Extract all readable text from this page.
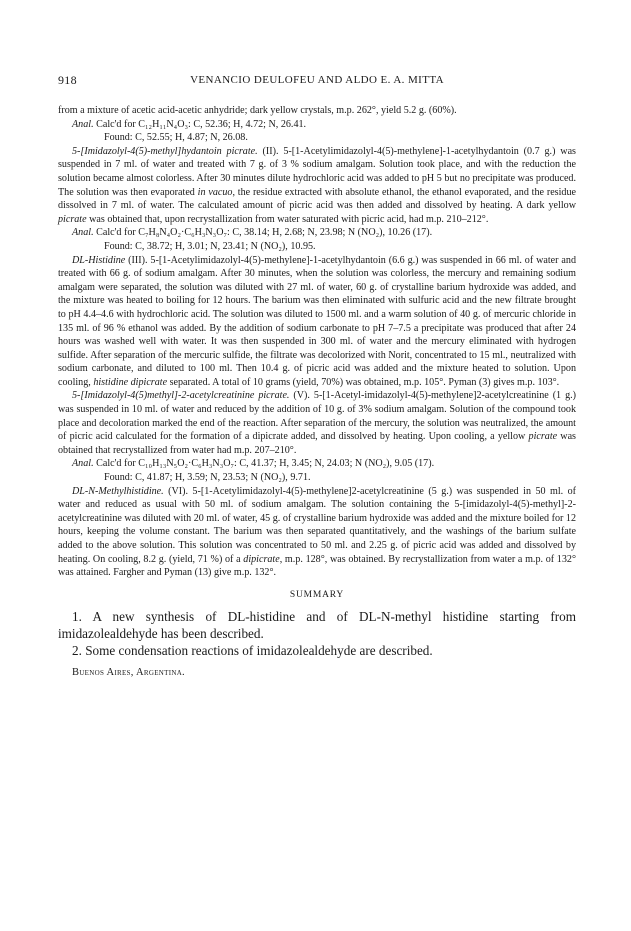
918	VENANCIO DEULOFEU AND ALDO E. A. MITTA

from a mixture of acetic acid-acetic anhydride; dark yellow crystals, m.p. 262°, yield 5.2 g. (60%).

Anal. Calc'd for C₁₂H₁₁N₄O₃: C, 52.36; H, 4.72; N, 26.41.

Found: C, 52.55; H, 4.87; N, 26.08.

5-[Imidazolyl-4(5)-methyl]hydantoin picrate. (II). 5-[1-Acetylimidazolyl-4(5)-methylene]-1-acetylhydantoin (0.7 g.) was suspended in 7 ml. of water and treated with 7 g. of 3 % sodium amalgam. Solution took place, and with the reduction the solution became almost colorless. After 30 minutes dilute hydrochloric acid was added to pH 5 but no precipitate was produced. The solution was then evaporated in vacuo, the residue extracted with absolute ethanol, the ethanol evaporated, and the residue dissolved in 7 ml. of water. The calculated amount of picric acid was then added and dissolved by heating. A dark yellow picrate was obtained that, upon recrystallization from water saturated with picric acid, had m.p. 210–212°.

Anal. Calc'd for C₇H₈N₄O₂·C₆H₃N₃O₇: C, 38.14; H, 2.68; N, 23.98; N (NO₂), 10.26 (17).

Found: C, 38.72; H, 3.01; N, 23.41; N (NO₂), 10.95.

DL-Histidine (III). 5-[1-Acetylimidazolyl-4(5)-methylene]-1-acetylhydantoin (6.6 g.) was suspended in 66 ml. of water and treated with 66 g. of sodium amalgam. After 30 minutes, when the solution was colorless, the mercury and remaining sodium amalgam were separated, the solution was diluted with 27 ml. of water, 60 g. of crystalline barium hydroxide was added, and the mixture was heated to boiling for 12 hours. The barium was then eliminated with sulfuric acid and the new filtrate brought to pH 4.4–4.6 with hydrochloric acid. The solution was diluted to 1500 ml. and a warm solution of 40 g. of mercuric chloride in 135 ml. of 96 % ethanol was added. By the addition of sodium carbonate to pH 7–7.5 a precipitate was produced that after 24 hours was washed well with water. It was then suspended in 300 ml. of water and the mercury eliminated with hydrogen sulfide. After separation of the mercuric sulfide, the filtrate was decolorized with Norit, concentrated to 15 ml., neutralized with sodium carbonate, and diluted to 100 ml. Then 10.4 g. of picric acid was added and the mixture heated to solution. Upon cooling, histidine dipicrate separated. A total of 10 grams (yield, 70%) was obtained, m.p. 105°. Pyman (3) gives m.p. 103°.

5-[Imidazolyl-4(5)methyl]-2-acetylcreatinine picrate. (V). 5-[1-Acetyl-imidazolyl-4(5)-methylene]2-acetylcreatinine (1 g.) was suspended in 10 ml. of water and reduced by the addition of 10 g. of 3% sodium amalgam. Solution of the compound took place and decoloration marked the end of the reaction. After separation of the mercury, the solution was neutralized, the amount of picric acid calculated for the formation of a dipicrate added, and dissolved by heating. Upon cooling, a yellow picrate was obtained that recrystallized from water had m.p. 207–210°.

Anal. Calc'd for C₁₀H₁₃N₅O₂·C₆H₃N₃O₇: C, 41.37; H, 3.45; N, 24.03; N (NO₂), 9.05 (17).

Found: C, 41.87; H, 3.59; N, 23.53; N (NO₂), 9.71.

DL-N-Methylhistidine. (VI). 5-[1-Acetylimidazolyl-4(5)-methylene]2-acetylcreatinine (5 g.) was suspended in 50 ml. of water and reduced as usual with 50 ml. of sodium amalgam. The solution containing the 5-[imidazolyl-4(5)-methyl]-2-acetylcreatinine was diluted with 20 ml. of water, 45 g. of crystalline barium hydroxide was added and the mixture boiled for 12 hours, keeping the volume constant. The barium was then separated quantitatively, and the washings of the barium sulfate added to the above solution. This solution was concentrated to 50 ml. and 2.25 g. of picric acid was added and dissolved by heating. On cooling, 8.2 g. (yield, 71 %) of a dipicrate, m.p. 128°, was obtained. By recrystallization from water a m.p. of 132° was attained. Fargher and Pyman (13) give m.p. 132°.

SUMMARY

1. A new synthesis of DL-histidine and of DL-N-methyl histidine starting from imidazolealdehyde has been described.

2. Some condensation reactions of imidazolealdehyde are described.

Buenos Aires, Argentina.
